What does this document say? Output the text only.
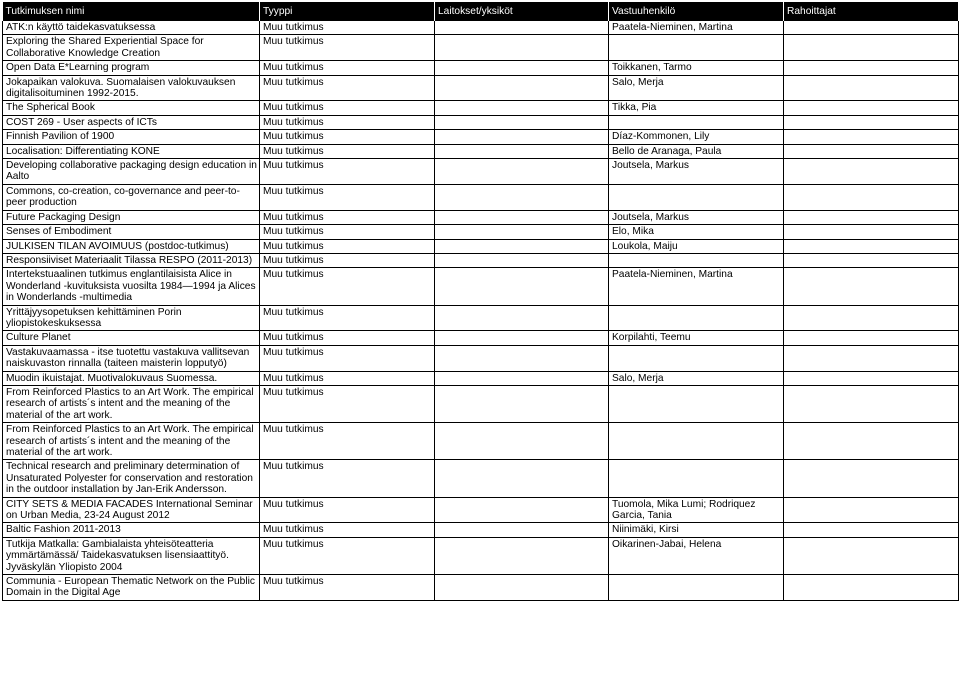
Tutkimuksen nimi	Tyyppi	Laitokset/yksiköt	Vastuuhenkilö	Rahoittajat
ATK:n käyttö taidekasvatuksessa	Muu tutkimus		Paatela-Nieminen, Martina	
Exploring the Shared Experiential Space for Collaborative Knowledge Creation	Muu tutkimus			
Open Data E*Learning program	Muu tutkimus		Toikkanen, Tarmo	
Jokapaikan valokuva. Suomalaisen valokuvauksen digitalisoituminen 1992-2015.	Muu tutkimus		Salo, Merja	
The Spherical Book	Muu tutkimus		Tikka, Pia	
COST 269 - User aspects of ICTs	Muu tutkimus			
Finnish Pavilion of 1900	Muu tutkimus		Díaz-Kommonen, Lily	
Localisation: Differentiating KONE	Muu tutkimus		Bello de Aranaga, Paula	
Developing collaborative packaging design education in Aalto	Muu tutkimus		Joutsela, Markus	
Commons, co-creation, co-governance and peer-to-peer production	Muu tutkimus			
Future Packaging Design	Muu tutkimus		Joutsela, Markus	
Senses of Embodiment	Muu tutkimus		Elo, Mika	
JULKISEN TILAN AVOIMUUS (postdoc-tutkimus)	Muu tutkimus		Loukola, Maiju	
Responsiiviset Materiaalit Tilassa RESPO (2011-2013)	Muu tutkimus			
Intertekstuaalinen tutkimus englantilaisista Alice in Wonderland -kuvituksista vuosilta 1984—1994 ja Alices in Wonderlands -multimedia	Muu tutkimus		Paatela-Nieminen, Martina	
Yrittäjyysopetuksen kehittäminen Porin yliopistokeskuksessa	Muu tutkimus			
Culture Planet	Muu tutkimus		Korpilahti, Teemu	
Vastakuvaamassa - itse tuotettu vastakuva vallitsevan naiskuvaston rinnalla (taiteen maisterin lopputyö)	Muu tutkimus			
Muodin ikuistajat. Muotivalokuvaus Suomessa.	Muu tutkimus		Salo, Merja	
From Reinforced Plastics to an Art Work. The empirical research of artists´s intent and the meaning of the material of the art work.	Muu tutkimus			
From Reinforced Plastics to an Art Work. The empirical research of artists´s intent and the meaning of the material of the art work.	Muu tutkimus			
Technical research and preliminary determination of Unsaturated Polyester for conservation and restoration in the outdoor installation by Jan-Erik Andersson.	Muu tutkimus			
CITY SETS & MEDIA FACADES International Seminar on Urban Media, 23-24 August 2012	Muu tutkimus		Tuomola, Mika Lumi; Rodriquez Garcia, Tania	
Baltic Fashion 2011-2013	Muu tutkimus		Niinimäki, Kirsi	
Tutkija Matkalla: Gambialaista yhteisöteatteria ymmärtämässä/ Taidekasvatuksen lisensiaattityö. Jyväskylän Yliopisto 2004	Muu tutkimus		Oikarinen-Jabai, Helena	
Communia - European Thematic Network on the Public Domain in the Digital Age	Muu tutkimus			
